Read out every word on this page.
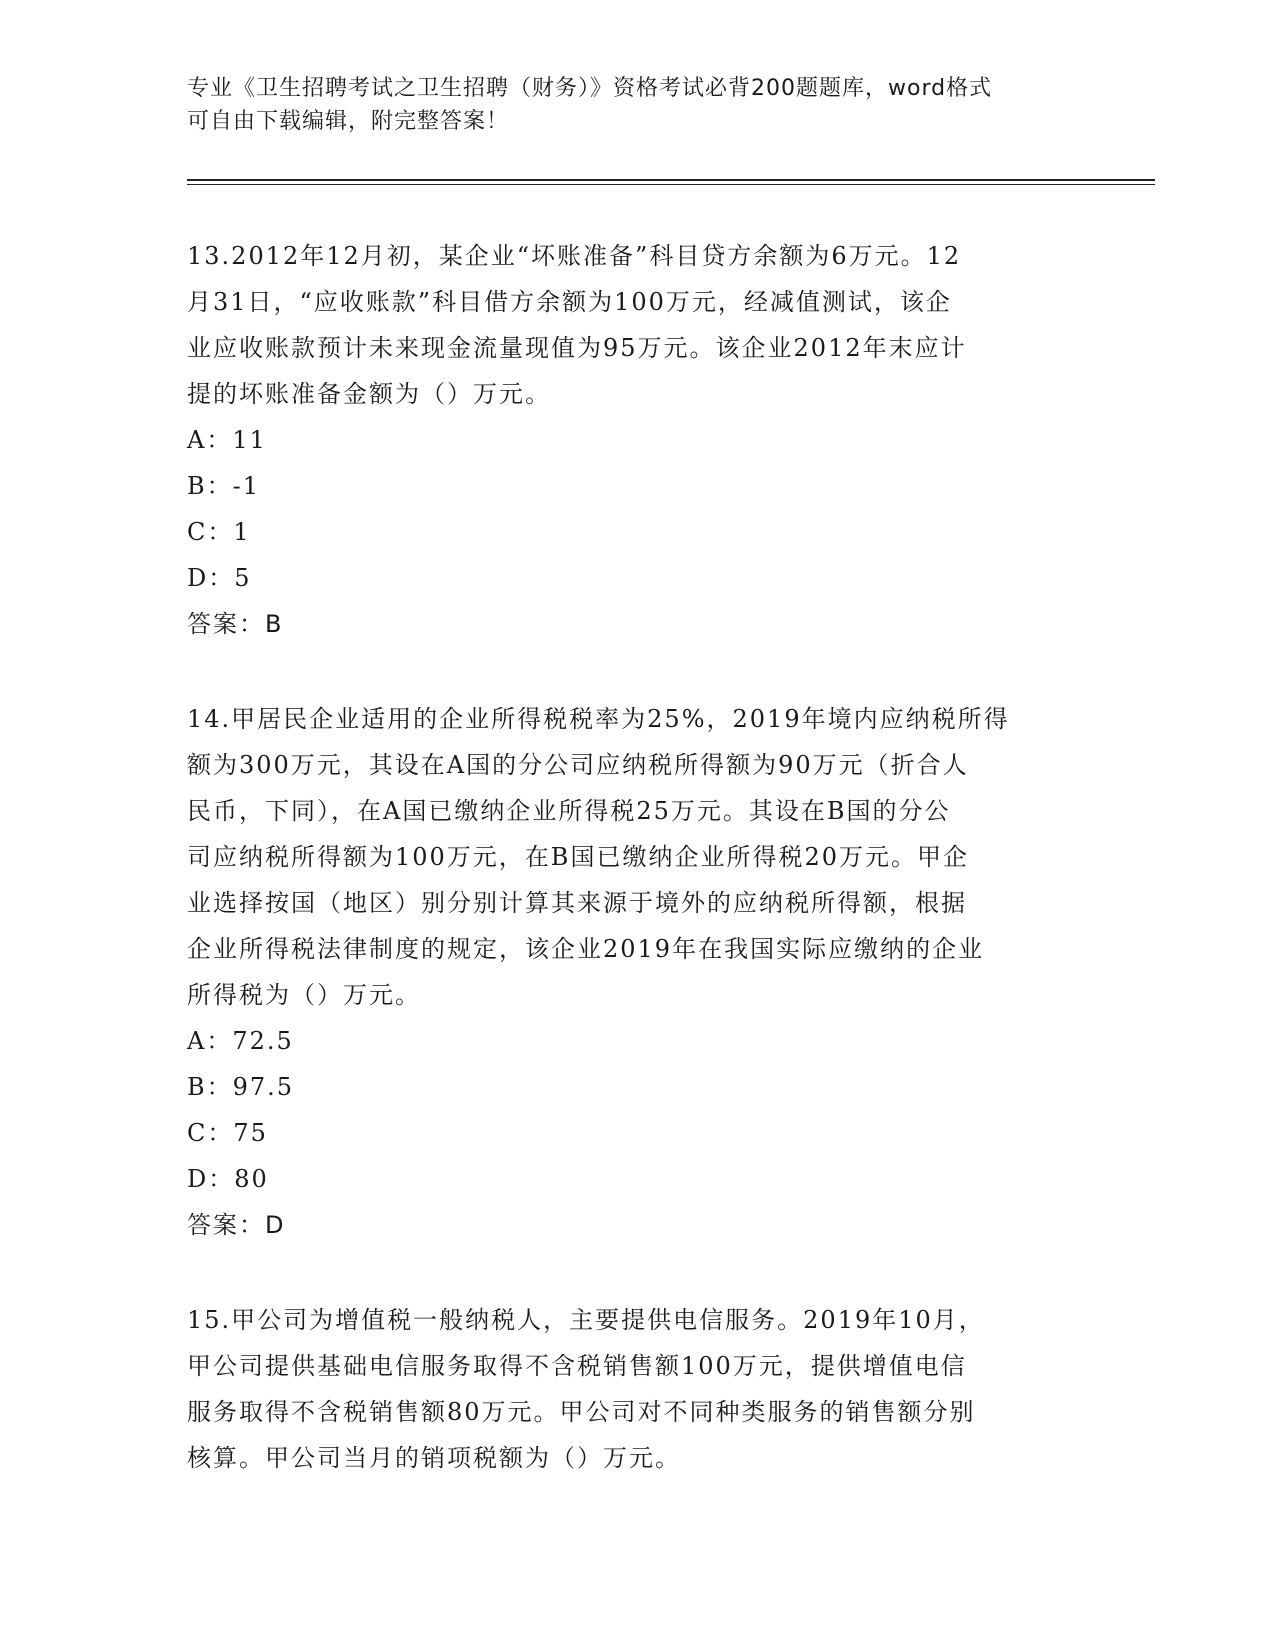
专业《卫生招聘考试之卫生招聘（财务）》资格考试必背200题题库，word格式
可自由下载编辑，附完整答案！
13.2012年12月初，某企业“坏账准备”科目贷方余额为6万元。12
月31日，“应收账款”科目借方余额为100万元，经减值测试，该企
业应收账款预计未来现金流量现值为95万元。该企业2012年末应计
提的坏账准备金额为（）万元。
A：11
B：-1
C：1
D：5
答案：B
14.甲居民企业适用的企业所得税税率为25%，2019年境内应纳税所得
额为300万元，其设在A国的分公司应纳税所得额为90万元（折合人
民币，下同），在A国已缴纳企业所得税25万元。其设在B国的分公
司应纳税所得额为100万元，在B国已缴纳企业所得税20万元。甲企
业选择按国（地区）别分别计算其来源于境外的应纳税所得额，根据
企业所得税法律制度的规定，该企业2019年在我国实际应缴纳的企业
所得税为（）万元。
A：72.5
B：97.5
C：75
D：80
答案：D
15.甲公司为增值税一般纳税人，主要提供电信服务。2019年10月，
甲公司提供基础电信服务取得不含税销售额100万元，提供增值电信
服务取得不含税销售额80万元。甲公司对不同种类服务的销售额分别
核算。甲公司当月的销项税额为（）万元。
